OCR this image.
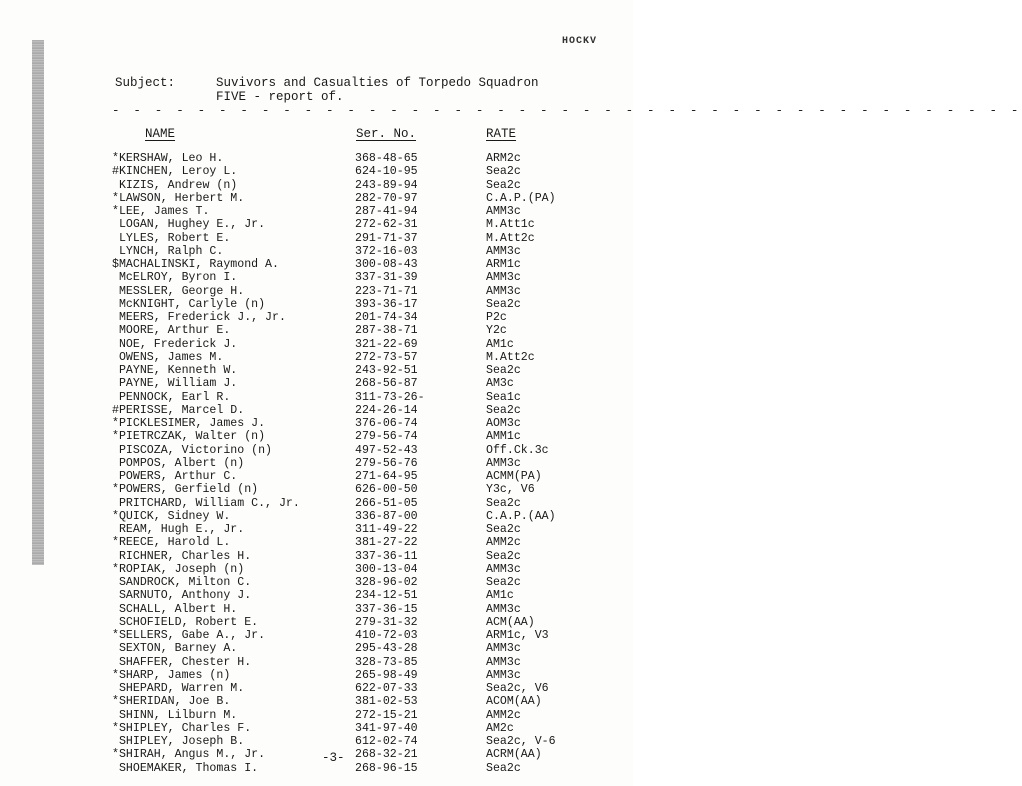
HOCKV
Subject:	Suvivors and Casualties of Torpedo Squadron
FIVE - report of.
- - - - - - - - - - - - - - - - - - - - - - - - - - - - - - - - - - - - - - - - - - -
NAME	Ser. No.	RATE
*KERSHAW, Leo H.	368-48-65	ARM2c
#KINCHEN, Leroy L.	624-10-95	Sea2c
KIZIS, Andrew (n)	243-89-94	Sea2c
*LAWSON, Herbert M.	282-70-97	C.A.P.(PA)
*LEE, James T.	287-41-94	AMM3c
LOGAN, Hughey E., Jr.	272-62-31	M.Att1c
LYLES, Robert E.	291-71-37	M.Att2c
LYNCH, Ralph C.	372-16-03	AMM3c
$MACHALINSKI, Raymond A.	300-08-43	ARM1c
McELROY, Byron I.	337-31-39	AMM3c
MESSLER, George H.	223-71-71	AMM3c
McKNIGHT, Carlyle (n)	393-36-17	Sea2c
MEERS, Frederick J., Jr.	201-74-34	P2c
MOORE, Arthur E.	287-38-71	Y2c
NOE, Frederick J.	321-22-69	AM1c
OWENS, James M.	272-73-57	M.Att2c
PAYNE, Kenneth W.	243-92-51	Sea2c
PAYNE, William J.	268-56-87	AM3c
PENNOCK, Earl R.	311-73-26-	Sea1c
#PERISSE, Marcel D.	224-26-14	Sea2c
*PICKLESIMER, James J.	376-06-74	AOM3c
*PIETRCZAK, Walter (n)	279-56-74	AMM1c
PISCOZA, Victorino (n)	497-52-43	Off.Ck.3c
POMPOS, Albert (n)	279-56-76	AMM3c
POWERS, Arthur C.	271-64-95	ACMM(PA)
*POWERS, Gerfield (n)	626-00-50	Y3c, V6
PRITCHARD, William C., Jr.	266-51-05	Sea2c
*QUICK, Sidney W.	336-87-00	C.A.P.(AA)
REAM, Hugh E., Jr.	311-49-22	Sea2c
*REECE, Harold L.	381-27-22	AMM2c
RICHNER, Charles H.	337-36-11	Sea2c
*ROPIAK, Joseph (n)	300-13-04	AMM3c
SANDROCK, Milton C.	328-96-02	Sea2c
SARNUTO, Anthony J.	234-12-51	AM1c
SCHALL, Albert H.	337-36-15	AMM3c
SCHOFIELD, Robert E.	279-31-32	ACM(AA)
*SELLERS, Gabe A., Jr.	410-72-03	ARM1c, V3
SEXTON, Barney A.	295-43-28	AMM3c
SHAFFER, Chester H.	328-73-85	AMM3c
*SHARP, James (n)	265-98-49	AMM3c
SHEPARD, Warren M.	622-07-33	Sea2c, V6
*SHERIDAN, Joe B.	381-02-53	ACOM(AA)
SHINN, Lilburn M.	272-15-21	AMM2c
*SHIPLEY, Charles F.	341-97-40	AM2c
SHIPLEY, Joseph B.	612-02-74	Sea2c, V-6
*SHIRAH, Angus M., Jr.	268-32-21	ACRM(AA)
SHOEMAKER, Thomas I.	268-96-15	Sea2c
-3-
